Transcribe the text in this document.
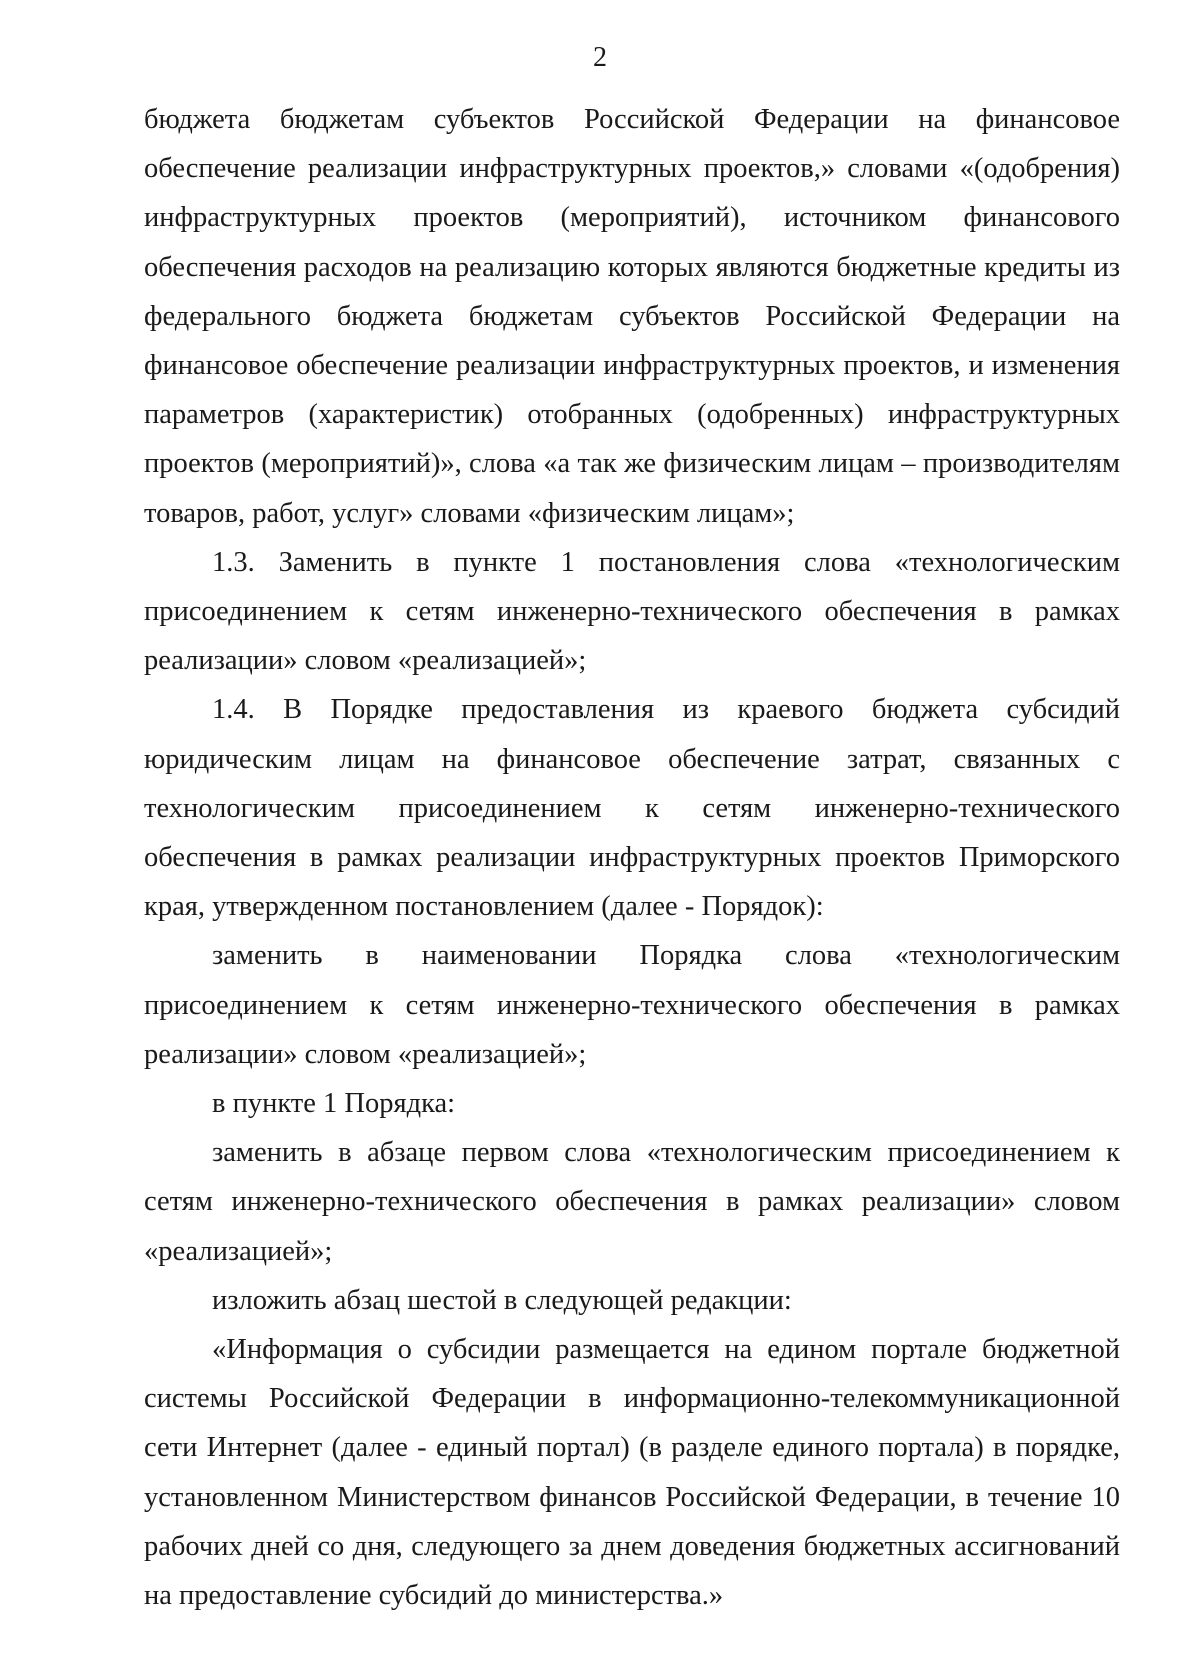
2

бюджета бюджетам субъектов Российской Федерации на финансовое обеспечение реализации инфраструктурных проектов,» словами «(одобрения) инфраструктурных проектов (мероприятий), источником финансового обеспечения расходов на реализацию которых являются бюджетные кредиты из федерального бюджета бюджетам субъектов Российской Федерации на финансовое обеспечение реализации инфраструктурных проектов, и изменения параметров (характеристик) отобранных (одобренных) инфраструктурных проектов (мероприятий)», слова «а так же физическим лицам – производителям товаров, работ, услуг» словами «физическим лицам»;

1.3. Заменить в пункте 1 постановления слова «технологическим присоединением к сетям инженерно-технического обеспечения в рамках реализации» словом «реализацией»;

1.4. В Порядке предоставления из краевого бюджета субсидий юридическим лицам на финансовое обеспечение затрат, связанных с технологическим присоединением к сетям инженерно-технического обеспечения в рамках реализации инфраструктурных проектов Приморского края, утвержденном постановлением (далее - Порядок):

заменить в наименовании Порядка слова «технологическим присоединением к сетям инженерно-технического обеспечения в рамках реализации» словом «реализацией»;

в пункте 1 Порядка:

заменить в абзаце первом слова «технологическим присоединением к сетям инженерно-технического обеспечения в рамках реализации» словом «реализацией»;

изложить абзац шестой в следующей редакции:

«Информация о субсидии размещается на едином портале бюджетной системы Российской Федерации в информационно-телекоммуникационной сети Интернет (далее - единый портал) (в разделе единого портала) в порядке, установленном Министерством финансов Российской Федерации, в течение 10 рабочих дней со дня, следующего за днем доведения бюджетных ассигнований на предоставление субсидий до министерства.»
